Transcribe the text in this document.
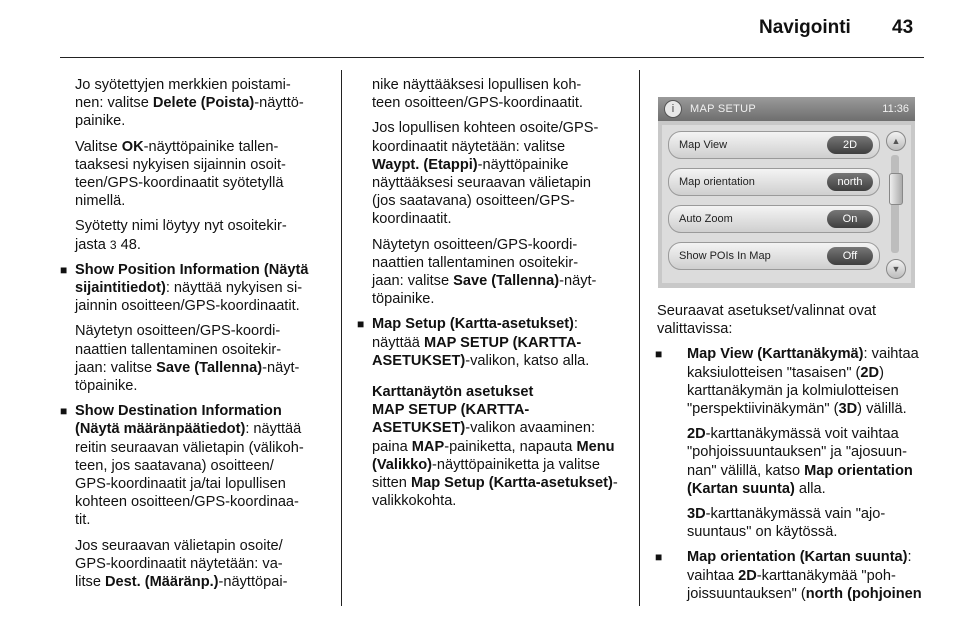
Navigointi 43

Jo syötettyjen merkkien poistami-
nen: valitse Delete (Poista)-näyttö-
painike.

Valitse OK-näyttöpainike tallen-
taaksesi nykyisen sijainnin osoit-
teen/GPS-koordinaatit syötetyllä
nimellä.

Syötetty nimi löytyy nyt osoitekir-
jasta 3 48.

■ Show Position Information (Näytä
sijaintitiedot): näyttää nykyisen si-
jainnin osoitteen/GPS-koordinaatit.

Näytetyn osoitteen/GPS-koordi-
naattien tallentaminen osoitekir-
jaan: valitse Save (Tallenna)-näyt-
töpainike.

■ Show Destination Information
(Näytä määränpäätiedot): näyttää
reitin seuraavan välietapin (välikoh-
teen, jos saatavana) osoitteen/
GPS-koordinaatit ja/tai lopullisen
kohteen osoitteen/GPS-koordinaa-
tit.

Jos seuraavan välietapin osoite/
GPS-koordinaatit näytetään: va-
litse Dest. (Määränp.)-näyttöpai-

nike näyttääksesi lopullisen koh-
teen osoitteen/GPS-koordinaatit.

Jos lopullisen kohteen osoite/GPS-
koordinaatit näytetään: valitse
Waypt. (Etappi)-näyttöpainike
näyttääksesi seuraavan välietapin
(jos saatavana) osoitteen/GPS-
koordinaatit.

Näytetyn osoitteen/GPS-koordi-
naattien tallentaminen osoitekir-
jaan: valitse Save (Tallenna)-näyt-
töpainike.

■ Map Setup (Kartta-asetukset):
näyttää MAP SETUP (KARTTA-
ASETUKSET)-valikon, katso alla.

Karttanäytön asetukset

MAP SETUP (KARTTA-
ASETUKSET)-valikon avaaminen:
paina MAP-painiketta, napauta Menu
(Valikko)-näyttöpainiketta ja valitse
sitten Map Setup (Kartta-asetukset)-
valikkokohta.

i	MAP SETUP	11:36
Map View	2D
Map orientation	north
Auto Zoom	On
Show POIs In Map	Off
▲
▼

Seuraavat asetukset/valinnat ovat
valittavissa:

■ Map View (Karttanäkymä): vaihtaa
kaksiulotteisen "tasaisen" (2D)
karttanäkymän ja kolmiulotteisen
"perspektiivinäkymän" (3D) välillä.

2D-karttanäkymässä voit vaihtaa
"pohjoissuuntauksen" ja "ajosuun-
nan" välillä, katso Map orientation
(Kartan suunta) alla.

3D-karttanäkymässä vain "ajo-
suuntaus" on käytössä.

■ Map orientation (Kartan suunta):
vaihtaa 2D-karttanäkymää "poh-
joissuuntauksen" (north (pohjoinen
